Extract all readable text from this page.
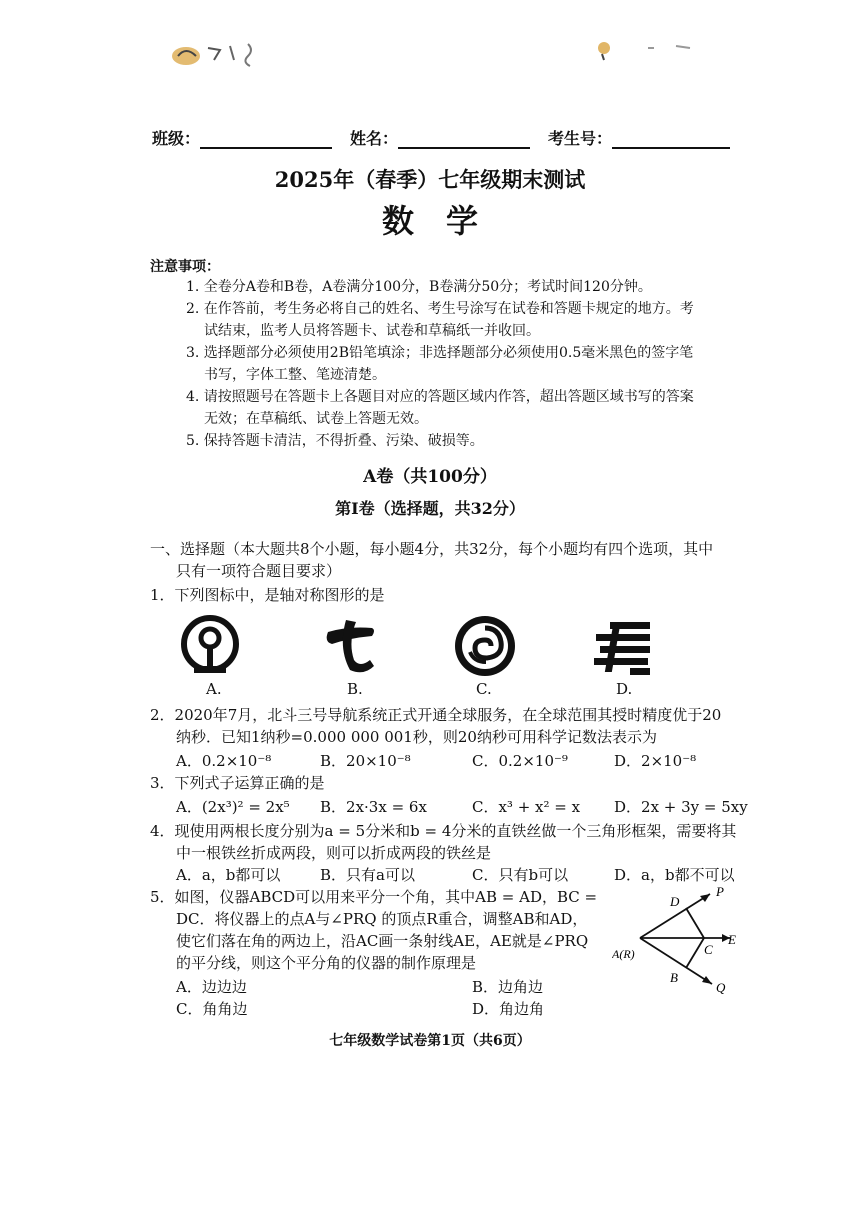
班级：	姓名：	考生号：
2025年（春季）七年级期末测试
数　学
注意事项：
1. 全卷分A卷和B卷，A卷满分100分，B卷满分50分；考试时间120分钟。
2. 在作答前，考生务必将自己的姓名、考生号涂写在试卷和答题卡规定的地方。考
试结束，监考人员将答题卡、试卷和草稿纸一并收回。
3. 选择题部分必须使用2B铅笔填涂；非选择题部分必须使用0.5毫米黑色的签字笔
书写，字体工整、笔迹清楚。
4. 请按照题号在答题卡上各题目对应的答题区域内作答，超出答题区域书写的答案
无效；在草稿纸、试卷上答题无效。
5. 保持答题卡清洁，不得折叠、污染、破损等。
A卷（共100分）
第Ⅰ卷（选择题，共32分）
一、选择题（本大题共8个小题，每小题4分，共32分，每个小题均有四个选项，其中
只有一项符合题目要求）
1．下列图标中，是轴对称图形的是
A.	B.	C.	D.
2．2020年7月，北斗三号导航系统正式开通全球服务，在全球范围其授时精度优于20
纳秒．已知1纳秒=0.000 000 001秒，则20纳秒可用科学记数法表示为
A．0.2×10⁻⁸	B．20×10⁻⁸	C．0.2×10⁻⁹	D．2×10⁻⁸
3．下列式子运算正确的是
A．(2x³)² = 2x⁵ B．2x·3x = 6x	C．x³ + x² = x D．2x + 3y = 5xy
4．现使用两根长度分别为a = 5分米和b = 4分米的直铁丝做一个三角形框架，需要将其
中一根铁丝折成两段，则可以折成两段的铁丝是
A．a，b都可以	B．只有a可以	C．只有b可以	D．a，b都不可以
5．如图，仪器ABCD可以用来平分一个角，其中AB = AD，BC =
DC．将仪器上的点A与∠PRQ 的顶点R重合，调整AB和AD，
使它们落在角的两边上，沿AC画一条射线AE，AE就是∠PRQ
的平分线，则这个平分角的仪器的制作原理是
A．边边边	B．边角边
C．角角边	D．角边角
D
P
A(R)	C
E
B
Q
七年级数学试卷第1页（共6页）
